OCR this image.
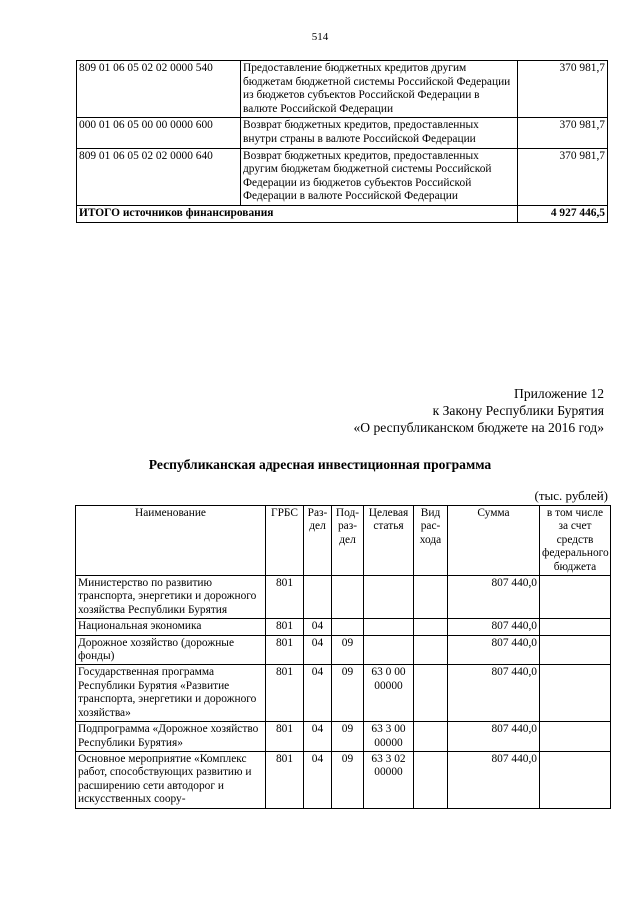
514
809 01 06 05 02 02 0000 540	Предоставление бюджетных кредитов другим бюджетам бюджетной системы Российской Федерации из бюджетов субъектов Российской Федерации в валюте Российской Федерации	370 981,7
000 01 06 05 00 00 0000 600	Возврат бюджетных кредитов, предоставленных внутри страны в валюте Российской Федерации	370 981,7
809 01 06 05 02 02 0000 640	Возврат бюджетных кредитов, предоставленных другим бюджетам бюджетной системы Российской Федерации из бюджетов субъектов Российской Федерации в валюте Российской Федерации	370 981,7
ИТОГО источников финансирования		4 927 446,5
Приложение 12
к Закону Республики Бурятия
«О республиканском бюджете на 2016 год»
Республиканская адресная инвестиционная программа
(тыс. рублей)
Наименование	ГРБС	Раз-дел	Под-раз-дел	Целевая статья	Вид рас-хода	Сумма	в том числе за счет средств федерального бюджета
Министерство по развитию транспорта, энергетики и дорожного хозяйства Республики Бурятия	801					807 440,0	
Национальная экономика	801	04				807 440,0	
Дорожное хозяйство (дорожные фонды)	801	04	09			807 440,0	
Государственная программа Республики Бурятия «Развитие транспорта, энергетики и дорожного хозяйства»	801	04	09	63 0 00 00000		807 440,0	
Подпрограмма «Дорожное хозяйство Республики Бурятия»	801	04	09	63 3 00 00000		807 440,0	
Основное мероприятие «Комплекс работ, способствующих развитию и расширению сети автодорог и искусственных соору-	801	04	09	63 3 02 00000		807 440,0	
